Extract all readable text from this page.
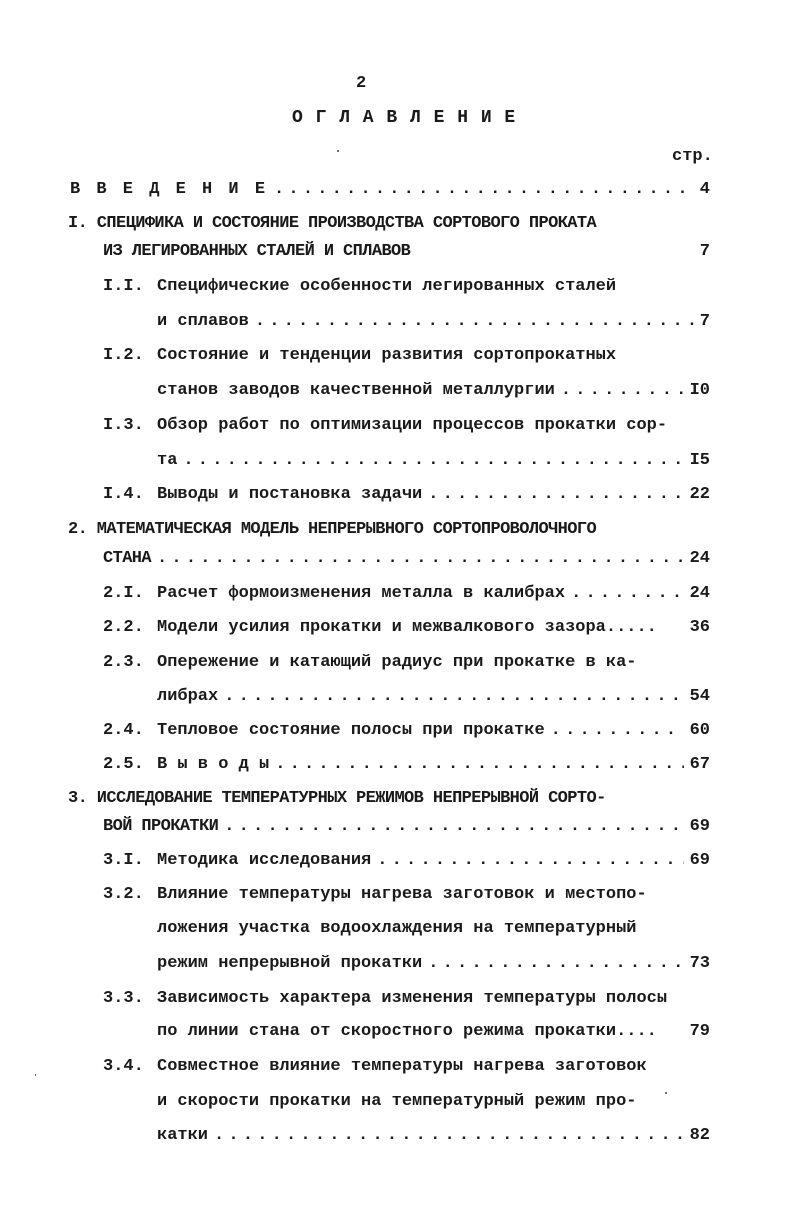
2
О Г Л А В Л Е Н И Е
стр.
В В Е Д Е Н И Е . . .	4
I. СПЕЦИФИКА И СОСТОЯНИЕ ПРОИЗВОДСТВА СОРТОВОГО ПРОКАТА
ИЗ ЛЕГИРОВАННЫХ СТАЛЕЙ И СПЛАВОВ	7
I.I. Специфические особенности легированных сталей
и сплавов . . .	7
I.2. Состояние и тенденции развития сортопрокатных
станов заводов качественной металлургии . . .	I0
I.3. Обзор работ по оптимизации процессов прокатки сор-
та . . .	I5
I.4. Выводы и постановка задачи . . .	22
2. МАТЕМАТИЧЕСКАЯ МОДЕЛЬ НЕПРЕРЫВНОГО СОРТОПРОВОЛОЧНОГО
СТАНА . . .	24
2.I. Расчет формоизменения металла в калибрах . . .	24
2.2. Модели усилия прокатки и межвалкового зазора..... 36
2.3. Опережение и катающий радиус при прокатке в ка-
либрах . . .	54
2.4. Тепловое состояние полосы при прокатке . . .	60
2.5. В ы в о д ы . . .	67
3. ИССЛЕДОВАНИЕ ТЕМПЕРАТУРНЫХ РЕЖИМОВ НЕПРЕРЫВНОЙ СОРТО-
ВОЙ ПРОКАТКИ . . .	69
3.I. Методика исследования . . .	69
3.2. Влияние температуры нагрева заготовок и местопо-
ложения участка водоохлаждения на температурный
режим непрерывной прокатки . . .	73
3.3. Зависимость характера изменения температуры полосы
по линии стана от скоростного режима прокатки.... 79
3.4. Совместное влияние температуры нагрева заготовок
и скорости прокатки на температурный режим про-
катки . . .	82
